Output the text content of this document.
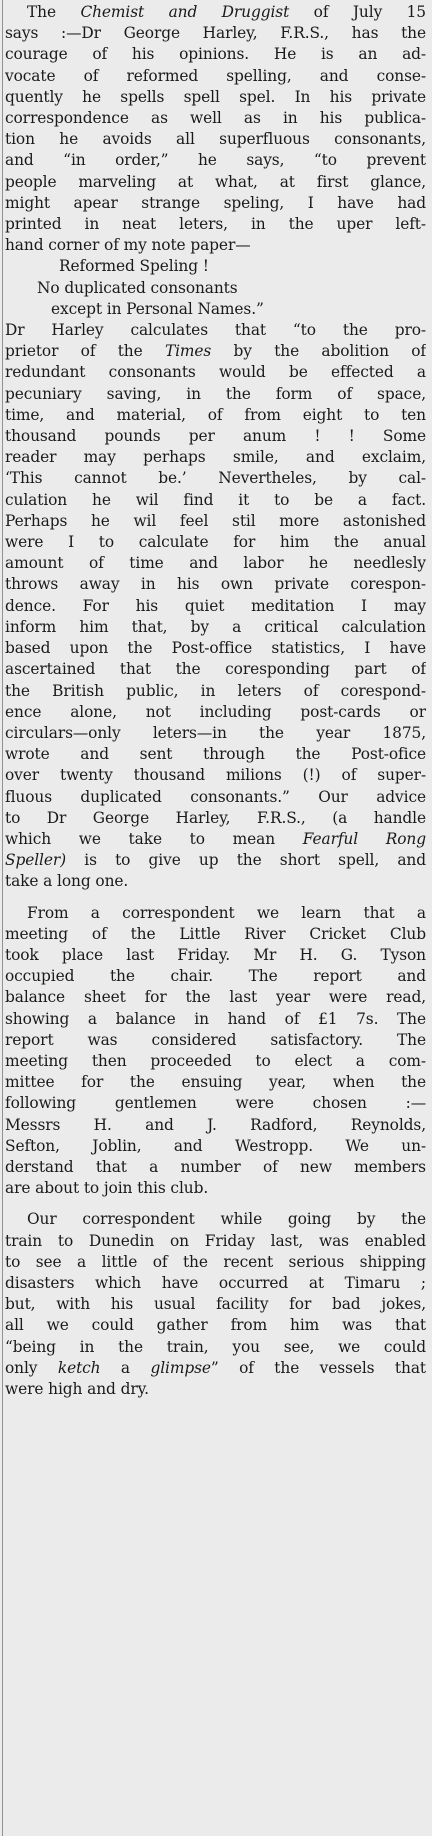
The Chemist and Druggist of July 15
says :—Dr George Harley, F.R.S., has the
courage of his opinions. He is an ad-
vocate of reformed spelling, and conse-
quently he spells spell spel. In his private
correspondence as well as in his publica-
tion he avoids all superfluous consonants,
and “in order,” he says, “to prevent
people marveling at what, at first glance,
might apear strange speling, I have had
printed in neat leters, in the uper left-
hand corner of my note paper—
Reformed Speling !
No duplicated consonants
except in Personal Names.”
Dr Harley calculates that “to the pro-
prietor of the Times by the abolition of
redundant consonants would be effected a
pecuniary saving, in the form of space,
time, and material, of from eight to ten
thousand pounds per anum ! ! Some
reader may perhaps smile, and exclaim,
‘This cannot be.’ Nevertheles, by cal-
culation he wil find it to be a fact.
Perhaps he wil feel stil more astonished
were I to calculate for him the anual
amount of time and labor he needlesly
throws away in his own private corespon-
dence. For his quiet meditation I may
inform him that, by a critical calculation
based upon the Post-office statistics, I have
ascertained that the coresponding part of
the British public, in leters of corespond-
ence alone, not including post-cards or
circulars—only leters—in the year 1875,
wrote and sent through the Post-ofice
over twenty thousand milions (!) of super-
fluous duplicated consonants.” Our advice
to Dr George Harley, F.R.S., (a handle
which we take to mean Fearful Rong
Speller) is to give up the short spell, and
take a long one.
From a correspondent we learn that a
meeting of the Little River Cricket Club
took place last Friday. Mr H. G. Tyson
occupied the chair. The report and
balance sheet for the last year were read,
showing a balance in hand of £1 7s. The
report was considered satisfactory. The
meeting then proceeded to elect a com-
mittee for the ensuing year, when the
following gentlemen were chosen :—
Messrs H. and J. Radford, Reynolds,
Sefton, Joblin, and Westropp. We un-
derstand that a number of new members
are about to join this club.
Our correspondent while going by the
train to Dunedin on Friday last, was enabled
to see a little of the recent serious shipping
disasters which have occurred at Timaru ;
but, with his usual facility for bad jokes,
all we could gather from him was that
“being in the train, you see, we could
only ketch a glimpse” of the vessels that
were high and dry.
